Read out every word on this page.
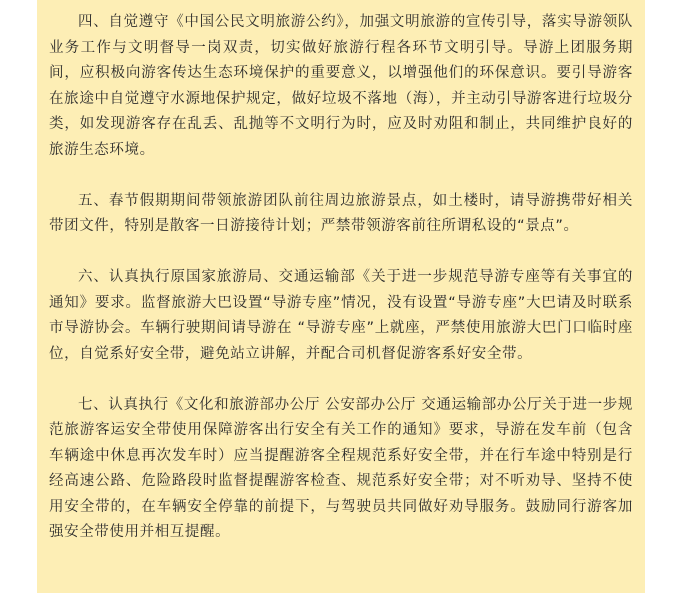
四、自觉遵守《中国公民文明旅游公约》，加强文明旅游的宣传引导，落实导游领队业务工作与文明督导一岗双责，切实做好旅游行程各环节文明引导。导游上团服务期间，应积极向游客传达生态环境保护的重要意义，以增强他们的环保意识。要引导游客在旅途中自觉遵守水源地保护规定，做好垃圾不落地（海），并主动引导游客进行垃圾分类，如发现游客存在乱丢、乱抛等不文明行为时，应及时劝阻和制止，共同维护良好的旅游生态环境。

五、春节假期期间带领旅游团队前往周边旅游景点，如土楼时，请导游携带好相关带团文件，特别是散客一日游接待计划；严禁带领游客前往所谓私设的“景点”。

六、认真执行原国家旅游局、交通运输部《关于进一步规范导游专座等有关事宜的通知》要求。监督旅游大巴设置“导游专座”情况，没有设置“导游专座”大巴请及时联系市导游协会。车辆行驶期间请导游在 “导游专座”上就座，严禁使用旅游大巴门口临时座位，自觉系好安全带，避免站立讲解，并配合司机督促游客系好安全带。

七、认真执行《文化和旅游部办公厅 公安部办公厅 交通运输部办公厅关于进一步规范旅游客运安全带使用保障游客出行安全有关工作的通知》要求，导游在发车前（包含车辆途中休息再次发车时）应当提醒游客全程规范系好安全带，并在行车途中特别是行经高速公路、危险路段时监督提醒游客检查、规范系好安全带；对不听劝导、坚持不使用安全带的，在车辆安全停靠的前提下，与驾驶员共同做好劝导服务。鼓励同行游客加强安全带使用并相互提醒。
